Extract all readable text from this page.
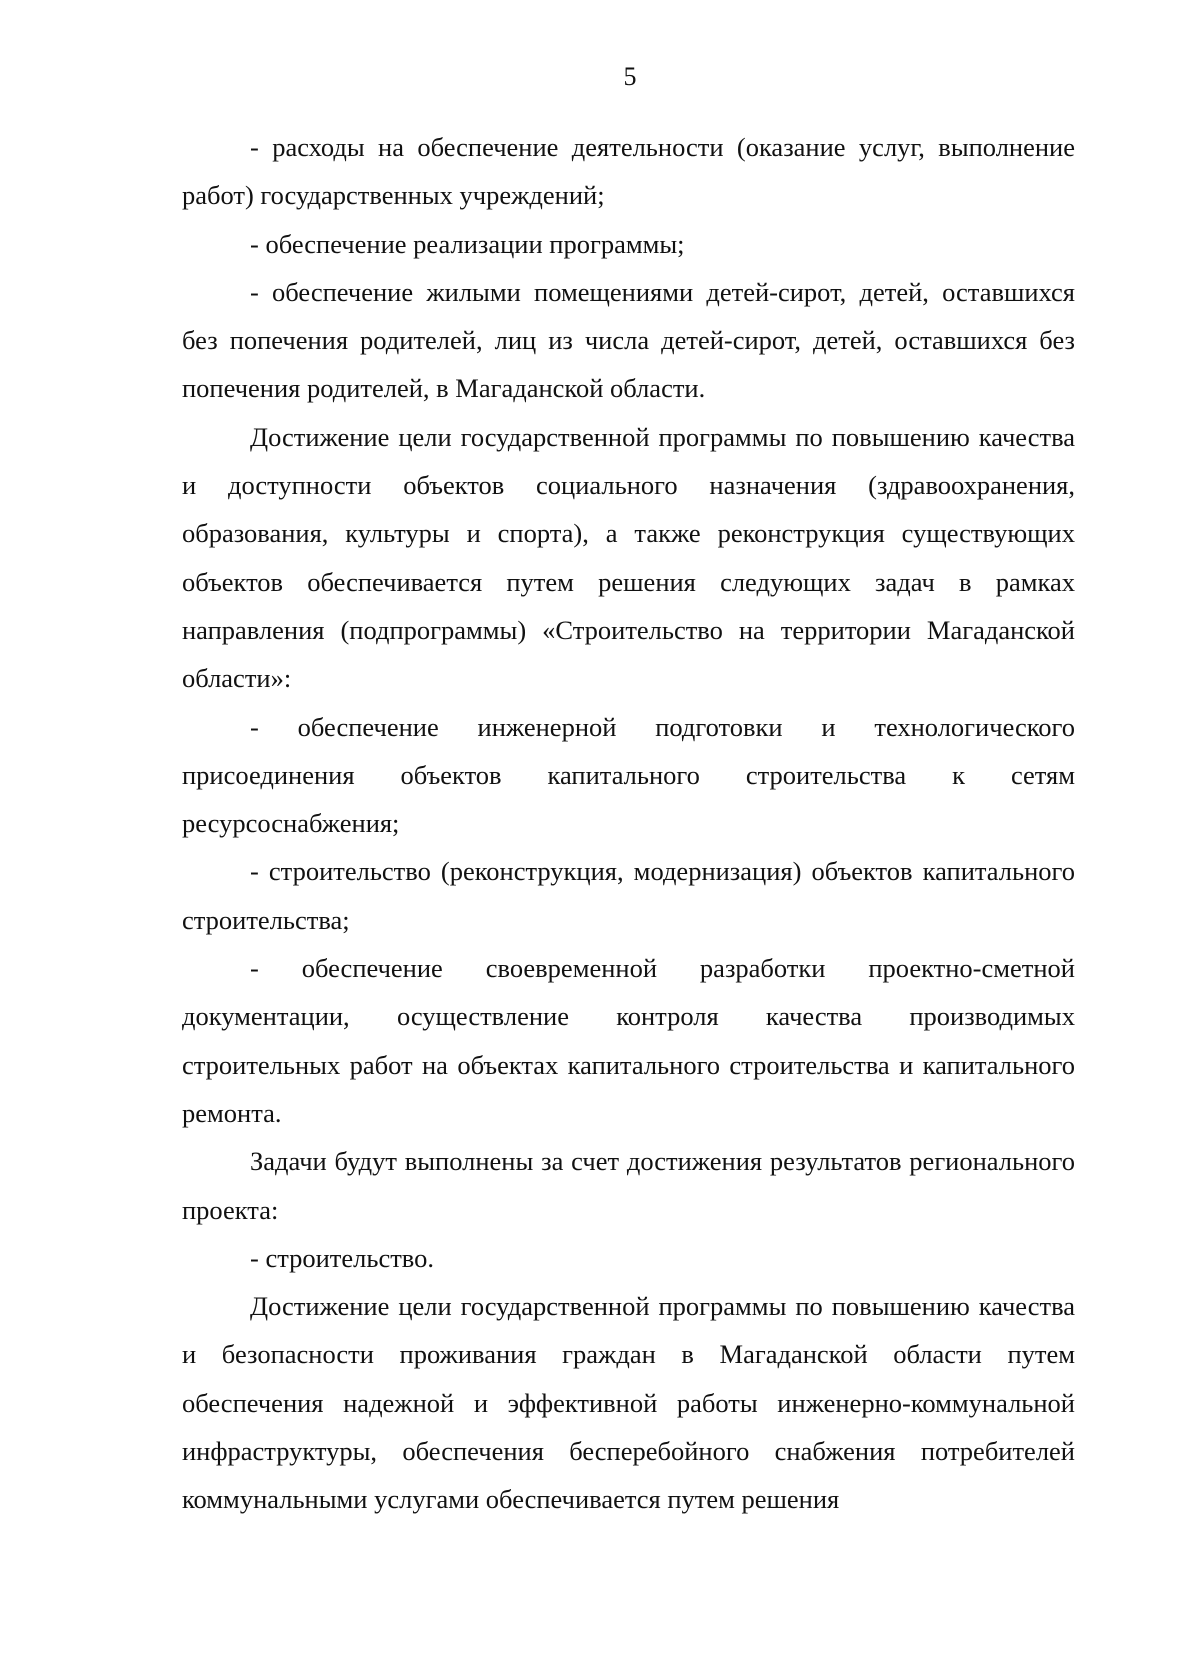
5

- расходы на обеспечение деятельности (оказание услуг, выполнение работ) государственных учреждений;

- обеспечение реализации программы;

- обеспечение жилыми помещениями детей-сирот, детей, оставшихся без попечения родителей, лиц из числа детей-сирот, детей, оставшихся без попечения родителей, в Магаданской области.

Достижение цели государственной программы по повышению качества и доступности объектов социального назначения (здравоохранения, образования, культуры и спорта), а также реконструкция существующих объектов обеспечивается путем решения следующих задач в рамках направления (подпрограммы) «Строительство на территории Магаданской области»:

- обеспечение инженерной подготовки и технологического присоединения объектов капитального строительства к сетям ресурсоснабжения;

- строительство (реконструкция, модернизация) объектов капитального строительства;

- обеспечение своевременной разработки проектно-сметной документации, осуществление контроля качества производимых строительных работ на объектах капитального строительства и капитального ремонта.

Задачи будут выполнены за счет достижения результатов регионального проекта:

- строительство.

Достижение цели государственной программы по повышению качества и безопасности проживания граждан в Магаданской области путем обеспечения надежной и эффективной работы инженерно-коммунальной инфраструктуры, обеспечения бесперебойного снабжения потребителей коммунальными услугами обеспечивается путем решения
